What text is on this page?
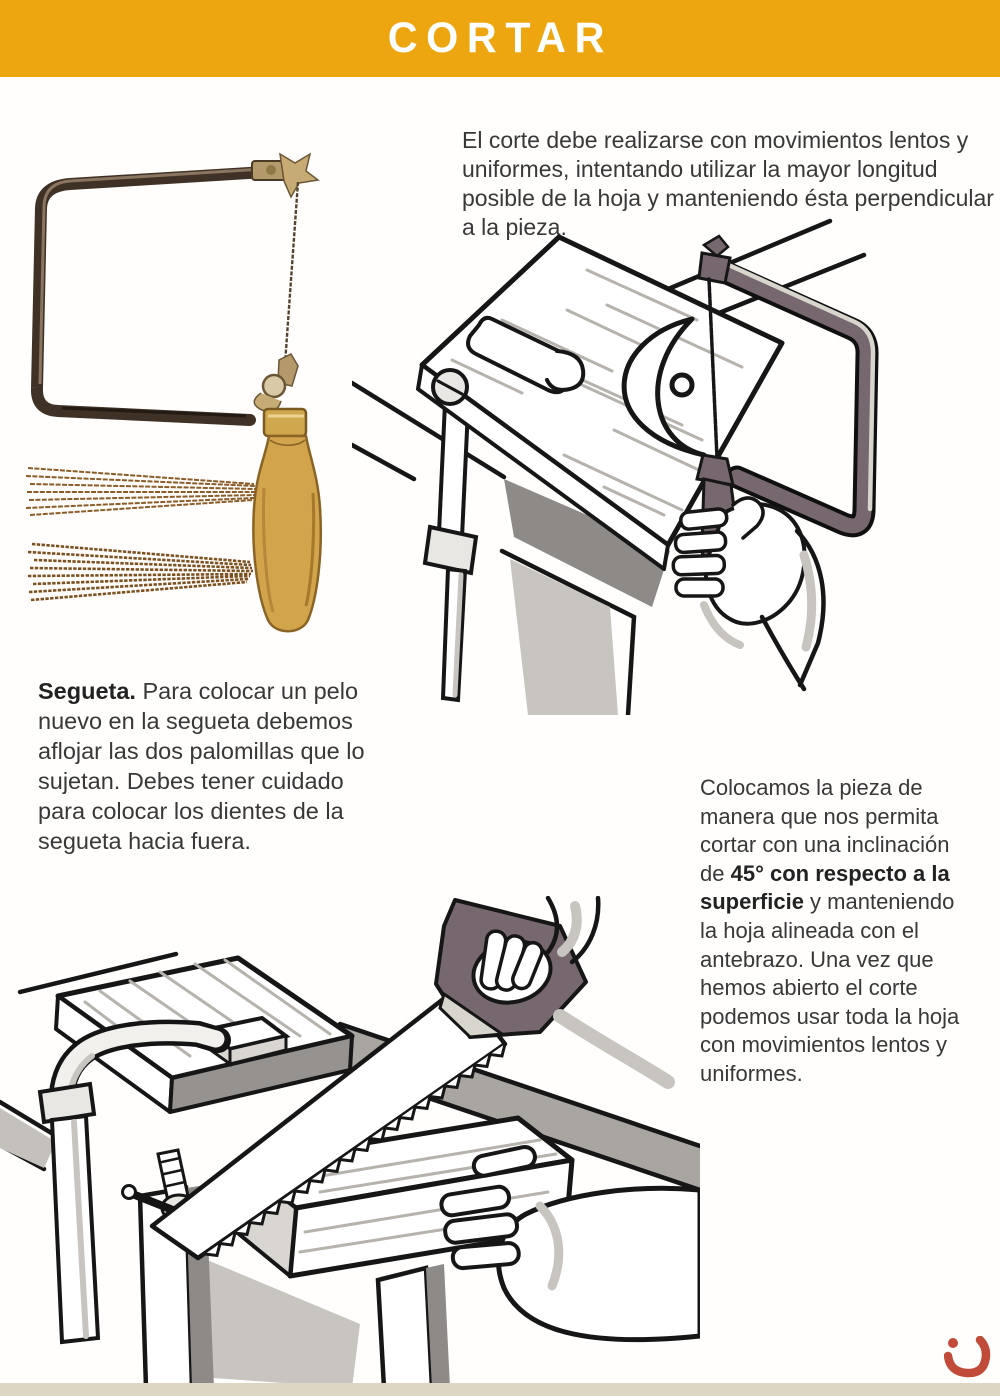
CORTAR

El corte debe realizarse con movimientos lentos y uniformes, intentando utilizar la mayor longitud posible de la hoja y manteniendo ésta perpendicular a la pieza.

Segueta. Para colocar un pelo nuevo en la segueta debemos aflojar las dos palomillas que lo sujetan. Debes tener cuidado para colocar los dientes de la segueta hacia fuera.

Colocamos la pieza de manera que nos permita cortar con una inclinación de 45° con respecto a la superficie y manteniendo la hoja alineada con el antebrazo. Una vez que hemos abierto el corte podemos usar toda la hoja con movimientos lentos y uniformes.
